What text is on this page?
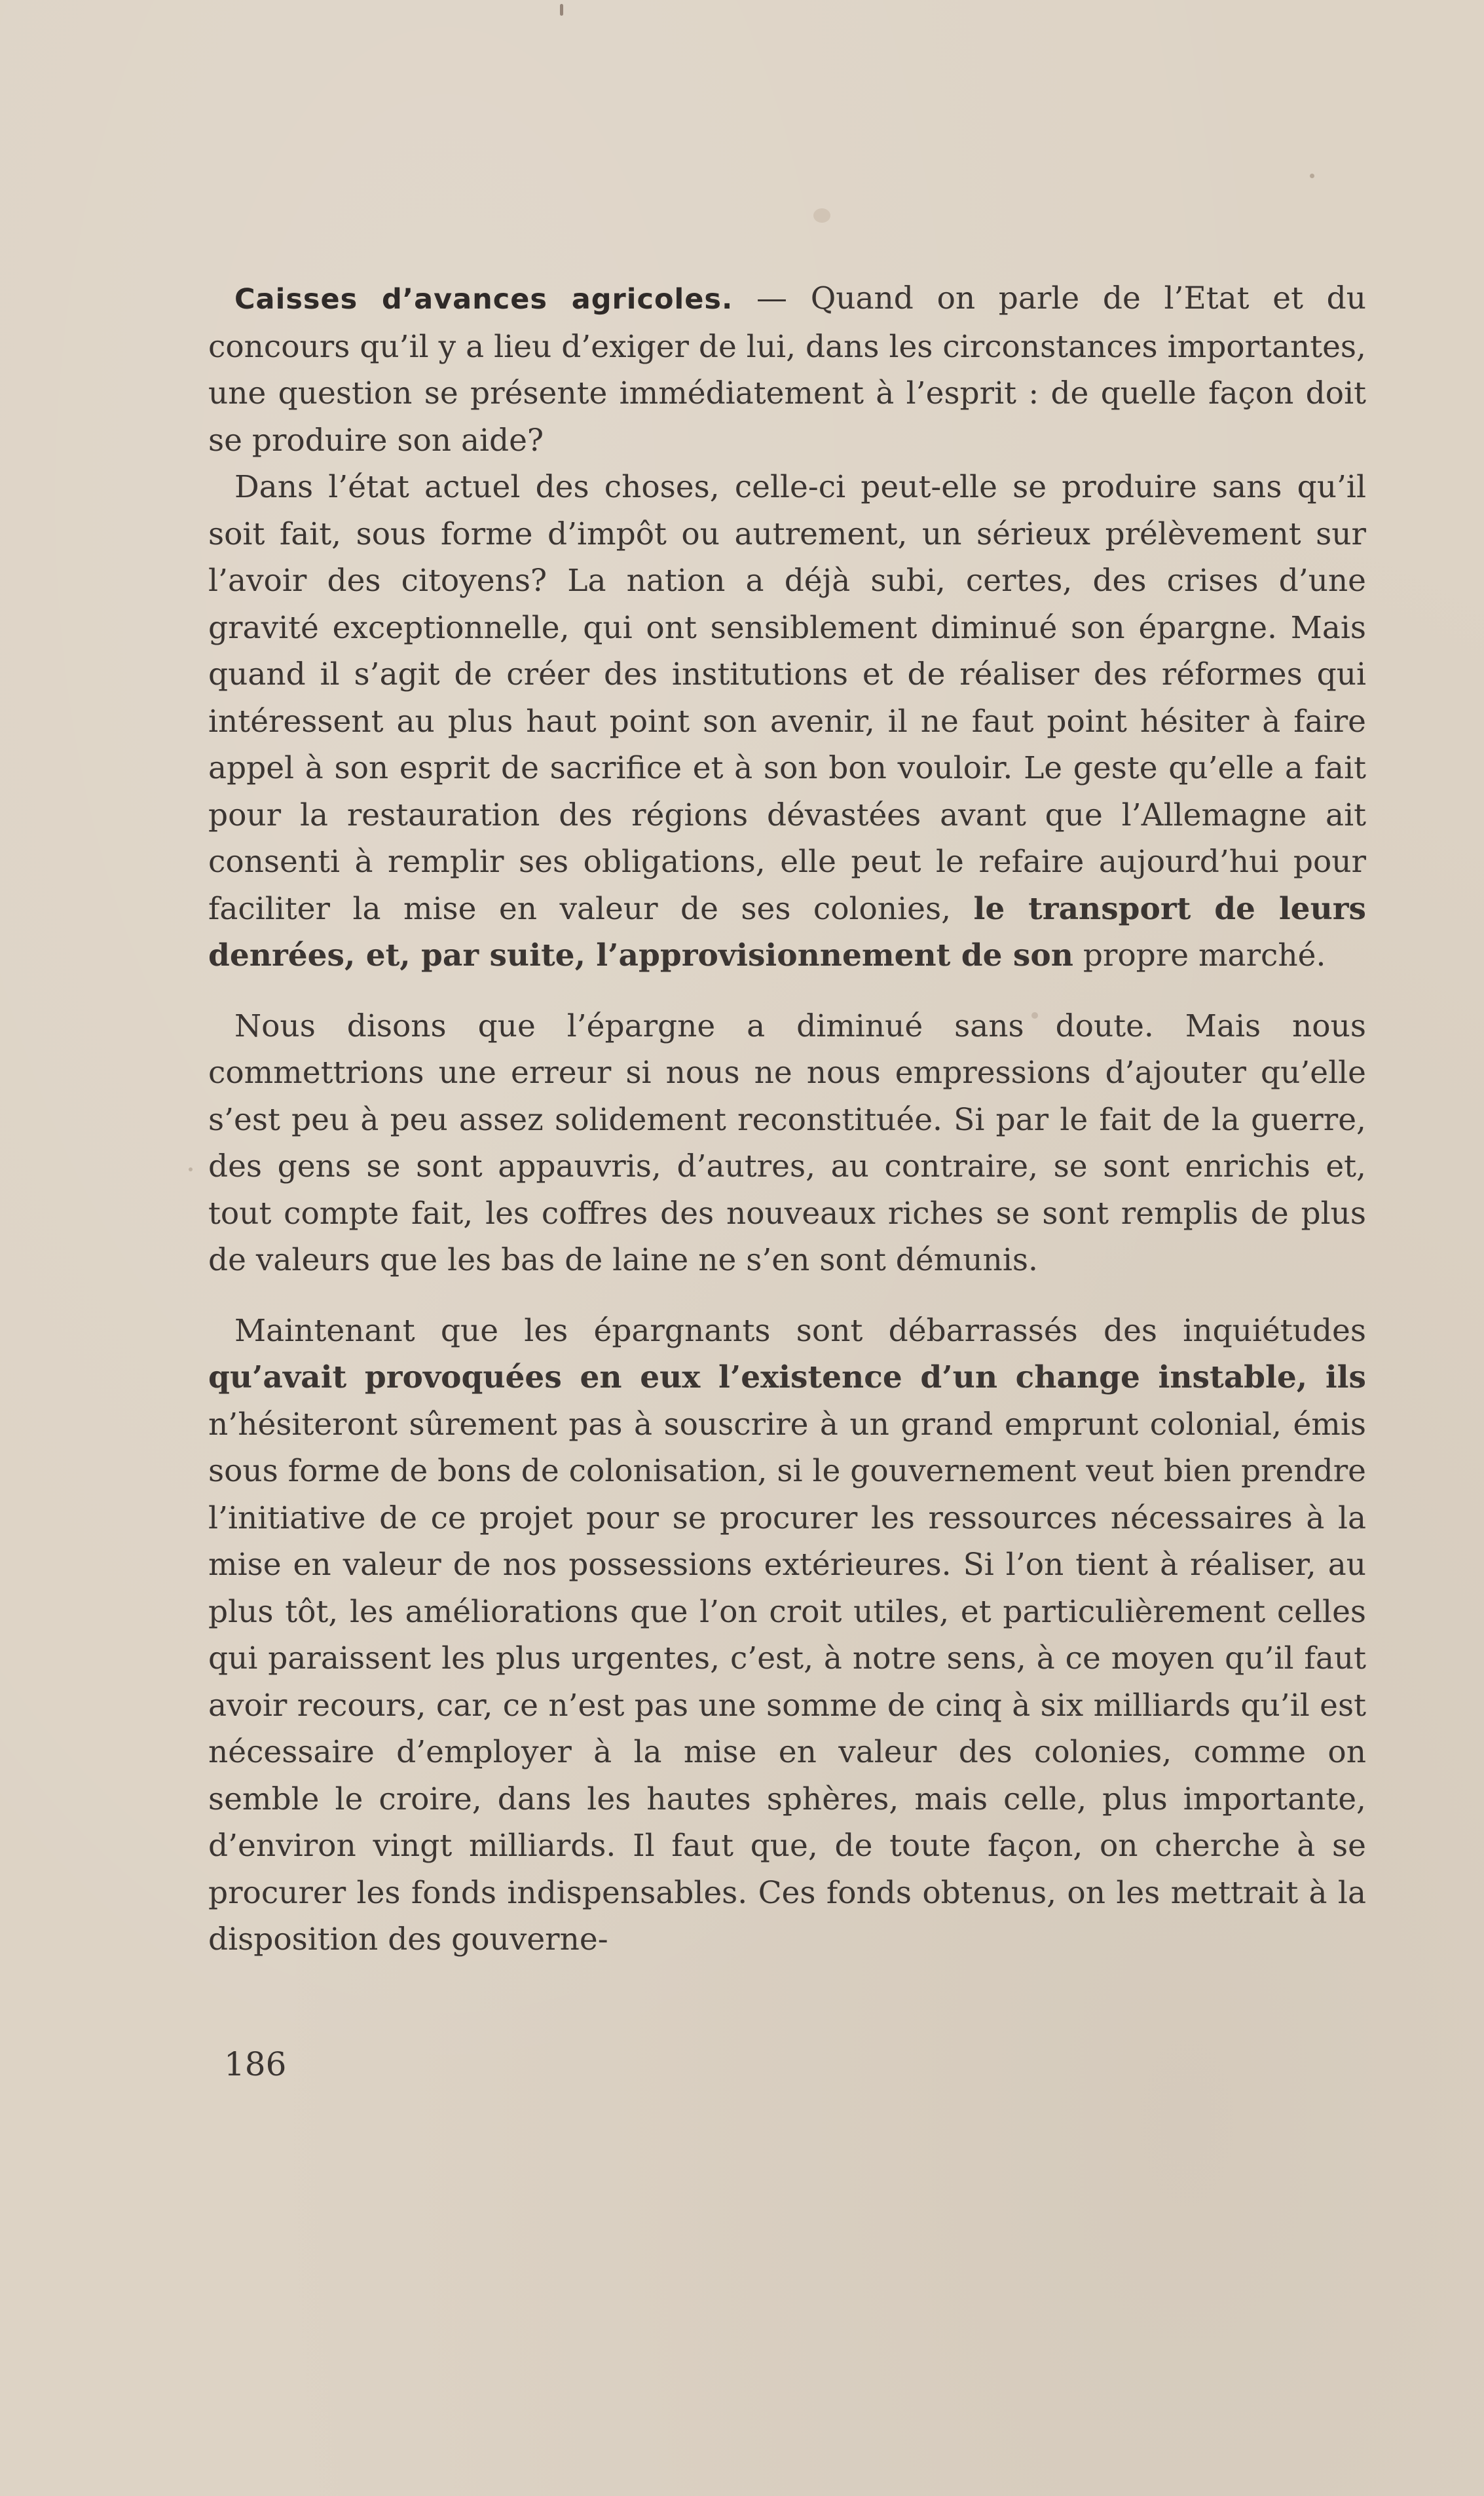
Caisses d’avances agricoles. — Quand on parle de l’Etat et du concours qu’il y a lieu d’exiger de lui, dans les circonstances importantes, une question se présente immédiatement à l’esprit : de quelle façon doit se produire son aide?

Dans l’état actuel des choses, celle-ci peut-elle se produire sans qu’il soit fait, sous forme d’impôt ou autrement, un sérieux prélèvement sur l’avoir des citoyens? La nation a déjà subi, certes, des crises d’une gravité exceptionnelle, qui ont sensiblement diminué son épargne. Mais quand il s’agit de créer des institutions et de réaliser des réformes qui intéressent au plus haut point son avenir, il ne faut point hésiter à faire appel à son esprit de sacrifice et à son bon vouloir. Le geste qu’elle a fait pour la restauration des régions dévastées avant que l’Allemagne ait consenti à remplir ses obligations, elle peut le refaire aujourd’hui pour faciliter la mise en valeur de ses colonies, le transport de leurs denrées, et, par suite, l’approvisionnement de son propre marché.

Nous disons que l’épargne a diminué sans doute. Mais nous commettrions une erreur si nous ne nous empressions d’ajouter qu’elle s’est peu à peu assez solidement reconstituée. Si par le fait de la guerre, des gens se sont appauvris, d’autres, au contraire, se sont enrichis et, tout compte fait, les coffres des nouveaux riches se sont remplis de plus de valeurs que les bas de laine ne s’en sont démunis.

Maintenant que les épargnants sont débarrassés des inquiétudes qu’avait provoquées en eux l’existence d’un change instable, ils n’hésiteront sûrement pas à souscrire à un grand emprunt colonial, émis sous forme de bons de colonisation, si le gouvernement veut bien prendre l’initiative de ce projet pour se procurer les ressources nécessaires à la mise en valeur de nos possessions extérieures. Si l’on tient à réaliser, au plus tôt, les améliorations que l’on croit utiles, et particulièrement celles qui paraissent les plus urgentes, c’est, à notre sens, à ce moyen qu’il faut avoir recours, car, ce n’est pas une somme de cinq à six milliards qu’il est nécessaire d’employer à la mise en valeur des colonies, comme on semble le croire, dans les hautes sphères, mais celle, plus importante, d’environ vingt milliards. Il faut que, de toute façon, on cherche à se procurer les fonds indispensables. Ces fonds obtenus, on les mettrait à la disposition des gouverne-

186
